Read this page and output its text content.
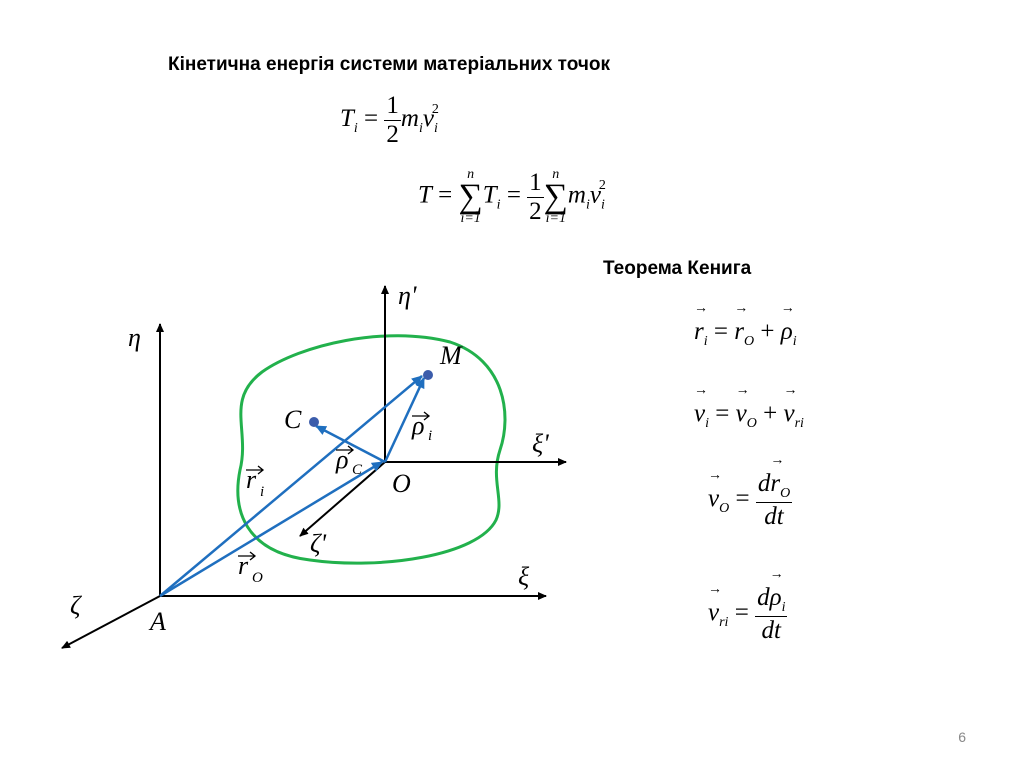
Кінетична енергія системи матеріальних точок
Теорема Кенига
$T_i = \frac{1}{2} m_iv_i^2$
T =
n
∑
i=1
$T_i = \frac{1}{2}$ n
∑
i=1
$m_iv_i^2$
→ $r_i$ = → $r_O$ + → $\rho_i$
→ $v_i$ = → $v_O$ + → $v_{ri}$
→ $v_O = \frac{d\to r_O}{dt}$
→ $v_{ri} = \frac{d\to \rho_i}{dt}$
η
η'
ξ
ξ'
ζ
ζ'
A
O
M
C
r i
r O
ρ i
ρ C
6
